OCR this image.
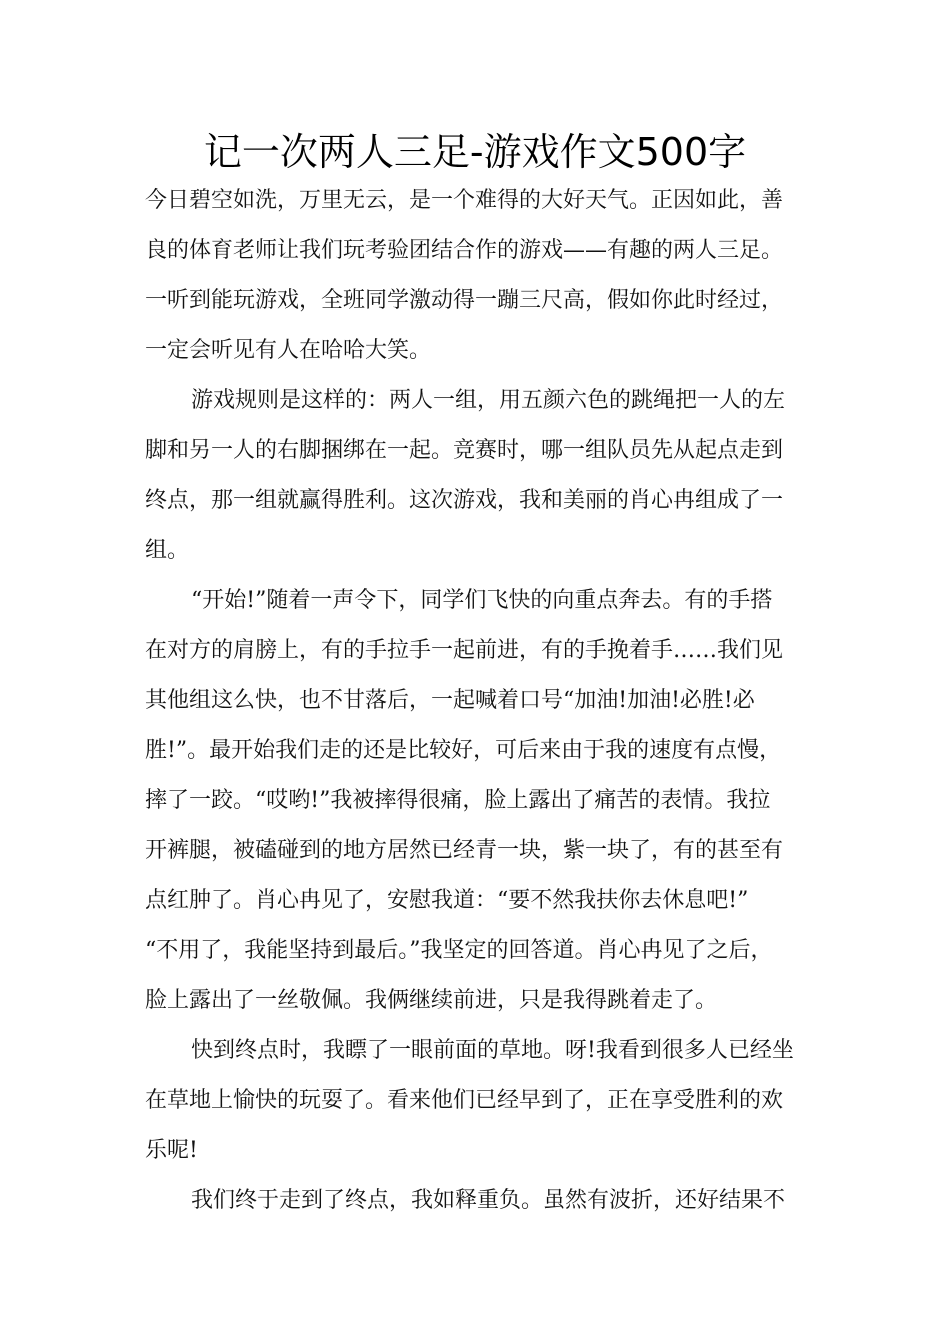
记一次两人三足-游戏作文500字
今日碧空如洗，万里无云，是一个难得的大好天气。正因如此，善
良的体育老师让我们玩考验团结合作的游戏——有趣的两人三足。
一听到能玩游戏，全班同学激动得一蹦三尺高，假如你此时经过，
一定会听见有人在哈哈大笑。
游戏规则是这样的：两人一组，用五颜六色的跳绳把一人的左
脚和另一人的右脚捆绑在一起。竞赛时，哪一组队员先从起点走到
终点，那一组就赢得胜利。这次游戏，我和美丽的肖心冉组成了一
组。
“开始!”随着一声令下，同学们飞快的向重点奔去。有的手搭
在对方的肩膀上，有的手拉手一起前进，有的手挽着手……我们见
其他组这么快，也不甘落后，一起喊着口号“加油!加油!必胜!必
胜!”。最开始我们走的还是比较好，可后来由于我的速度有点慢，
摔了一跤。“哎哟!”我被摔得很痛，脸上露出了痛苦的表情。我拉
开裤腿，被磕碰到的地方居然已经青一块，紫一块了，有的甚至有
点红肿了。肖心冉见了，安慰我道：“要不然我扶你去休息吧!”
“不用了，我能坚持到最后。”我坚定的回答道。肖心冉见了之后，
脸上露出了一丝敬佩。我俩继续前进，只是我得跳着走了。
快到终点时，我瞟了一眼前面的草地。呀!我看到很多人已经坐
在草地上愉快的玩耍了。看来他们已经早到了，正在享受胜利的欢
乐呢!
我们终于走到了终点，我如释重负。虽然有波折，还好结果不
